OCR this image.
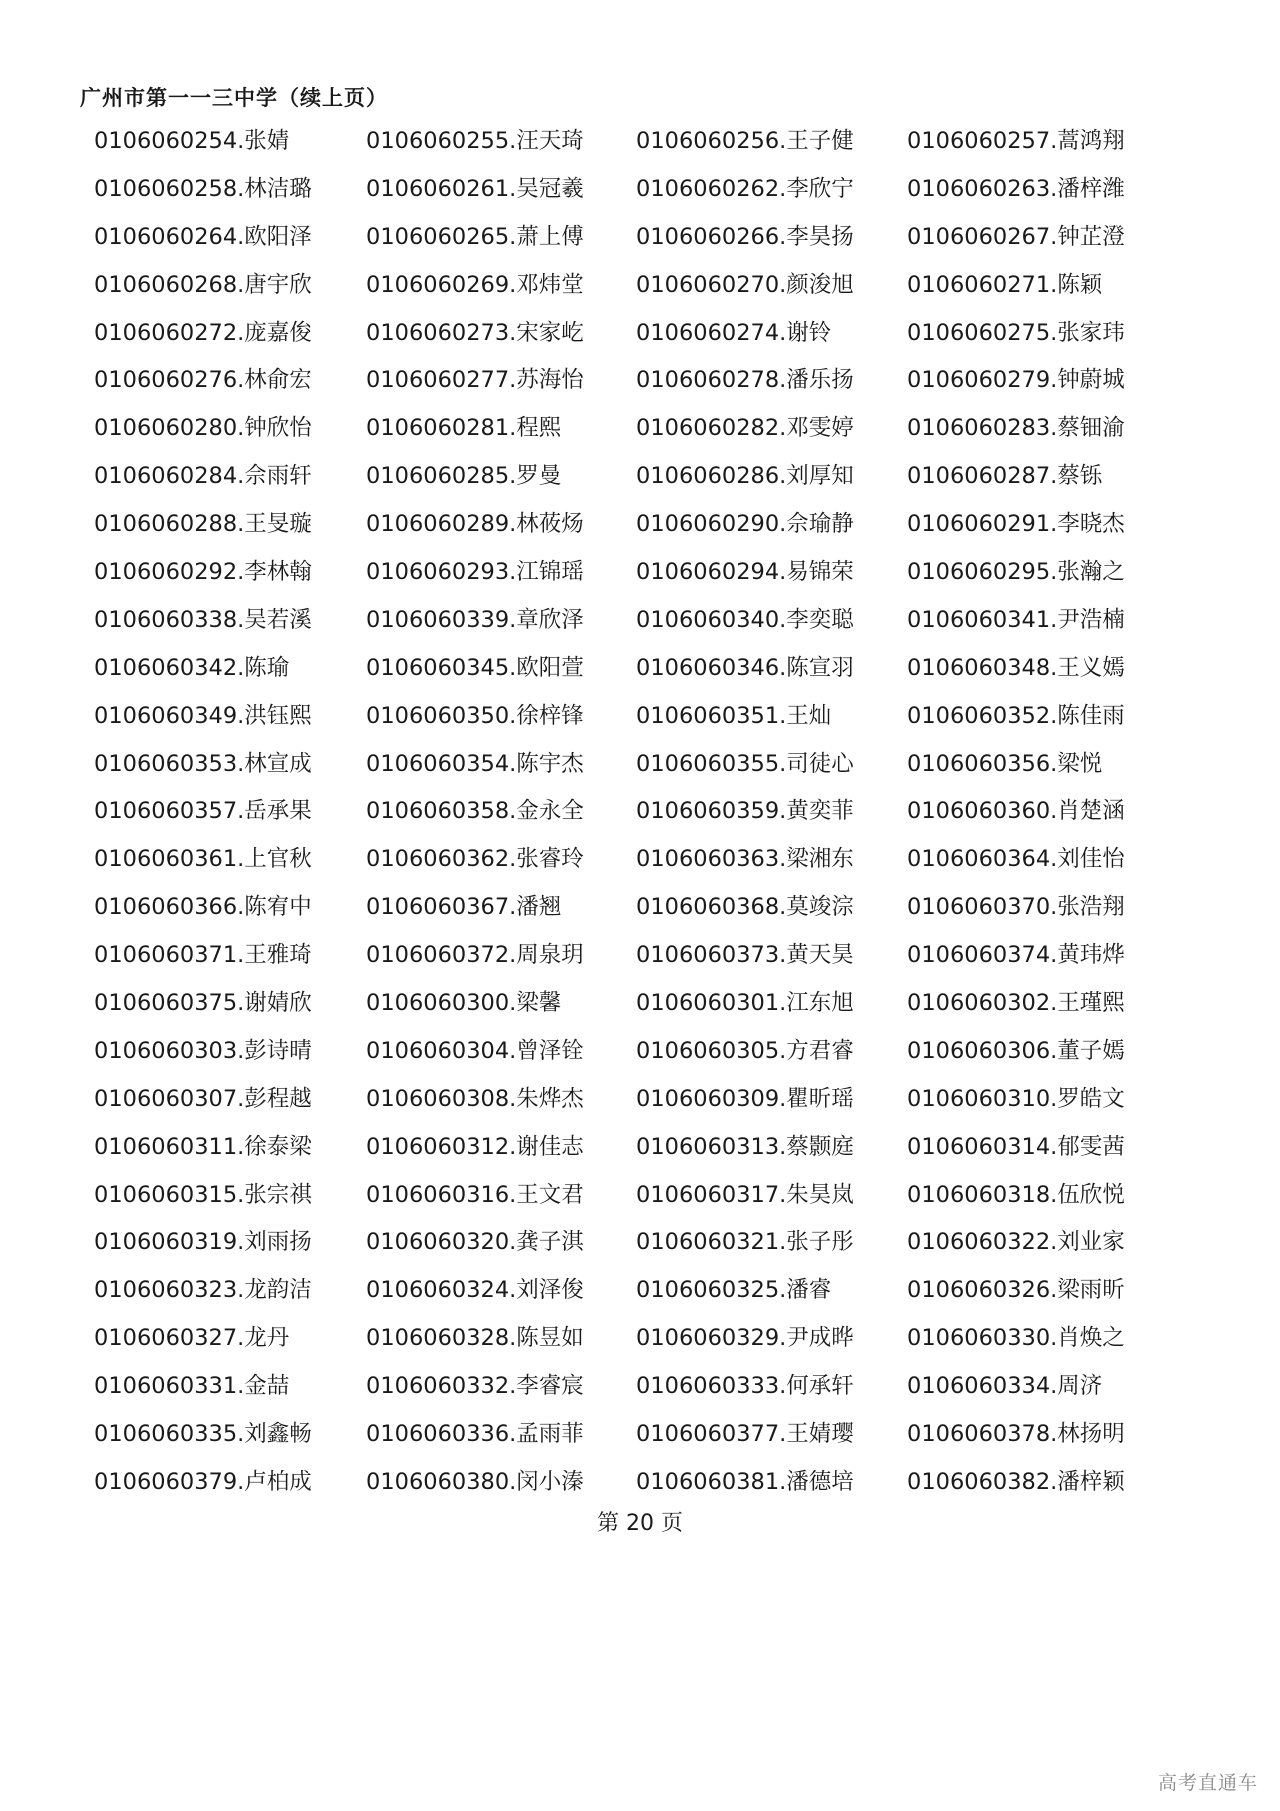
广州市第一一三中学（续上页）
0106060254.张婧	0106060255.汪天琦 0106060256.王子健 0106060257.蒿鸿翔
0106060258.林洁璐 0106060261.吴冠羲 0106060262.李欣宁 0106060263.潘梓潍
0106060264.欧阳泽 0106060265.萧上傅 0106060266.李昊扬 0106060267.钟芷澄
0106060268.唐宇欣 0106060269.邓炜堂 0106060270.颜浚旭 0106060271.陈颖
0106060272.庞嘉俊 0106060273.宋家屹 0106060274.谢铃	0106060275.张家玮
0106060276.林俞宏 0106060277.苏海怡 0106060278.潘乐扬 0106060279.钟蔚城
0106060280.钟欣怡 0106060281.程熙	0106060282.邓雯婷 0106060283.蔡钿渝
0106060284.佘雨轩 0106060285.罗曼	0106060286.刘厚知 0106060287.蔡铄
0106060288.王旻璇 0106060289.林莜炀 0106060290.佘瑜静 0106060291.李晓杰
0106060292.李林翰 0106060293.江锦瑶 0106060294.易锦荣 0106060295.张瀚之
0106060338.吴若溪 0106060339.章欣泽 0106060340.李奕聪 0106060341.尹浩楠
0106060342.陈瑜	0106060345.欧阳萱 0106060346.陈宣羽 0106060348.王义嫣
0106060349.洪钰熙 0106060350.徐梓锋 0106060351.王灿	0106060352.陈佳雨
0106060353.林宣成 0106060354.陈宇杰 0106060355.司徒心 0106060356.梁悦
0106060357.岳承果 0106060358.金永全 0106060359.黄奕菲 0106060360.肖楚涵
0106060361.上官秋 0106060362.张睿玲 0106060363.梁湘东 0106060364.刘佳怡
0106060366.陈宥中 0106060367.潘翘	0106060368.莫竣淙 0106060370.张浩翔
0106060371.王雅琦 0106060372.周泉玥 0106060373.黄天昊 0106060374.黄玮烨
0106060375.谢婧欣 0106060300.梁馨	0106060301.江东旭 0106060302.王瑾熙
0106060303.彭诗晴 0106060304.曾泽铨 0106060305.方君睿 0106060306.董子嫣
0106060307.彭程越 0106060308.朱烨杰 0106060309.瞿昕瑶 0106060310.罗皓文
0106060311.徐泰梁 0106060312.谢佳志 0106060313.蔡颢庭 0106060314.郁雯茜
0106060315.张宗祺 0106060316.王文君 0106060317.朱昊岚 0106060318.伍欣悦
0106060319.刘雨扬 0106060320.龚子淇 0106060321.张子彤 0106060322.刘业家
0106060323.龙韵洁 0106060324.刘泽俊 0106060325.潘睿	0106060326.梁雨昕
0106060327.龙丹	0106060328.陈昱如 0106060329.尹成晔 0106060330.肖焕之
0106060331.金喆	0106060332.李睿宸 0106060333.何承轩 0106060334.周济
0106060335.刘鑫畅 0106060336.孟雨菲 0106060377.王婧璎 0106060378.林扬明
0106060379.卢柏成 0106060380.闵小溱 0106060381.潘德培 0106060382.潘梓颖
第 20 页
高考直通车
